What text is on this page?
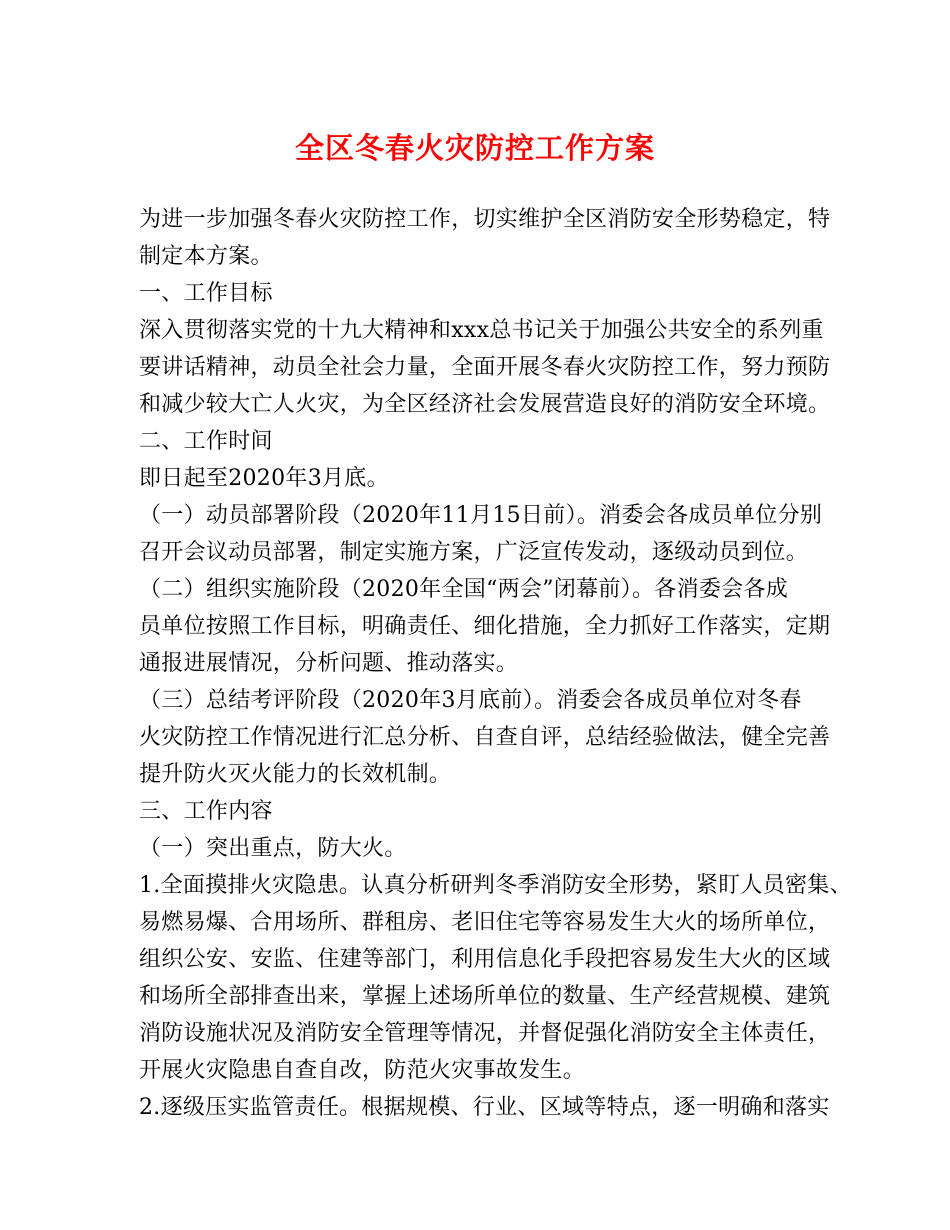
全区冬春火灾防控工作方案
为进一步加强冬春火灾防控工作，切实维护全区消防安全形势稳定，特
制定本方案。
一、工作目标
深入贯彻落实党的十九大精神和xxx总书记关于加强公共安全的系列重
要讲话精神，动员全社会力量，全面开展冬春火灾防控工作，努力预防
和减少较大亡人火灾，为全区经济社会发展营造良好的消防安全环境。
二、工作时间
即日起至2020年3月底。
（一）动员部署阶段（2020年11月15日前）。消委会各成员单位分别
召开会议动员部署，制定实施方案，广泛宣传发动，逐级动员到位。
（二）组织实施阶段（2020年全国“两会”闭幕前）。各消委会各成
员单位按照工作目标，明确责任、细化措施，全力抓好工作落实，定期
通报进展情况，分析问题、推动落实。
（三）总结考评阶段（2020年3月底前）。消委会各成员单位对冬春
火灾防控工作情况进行汇总分析、自查自评，总结经验做法，健全完善
提升防火灭火能力的长效机制。
三、工作内容
（一）突出重点，防大火。
1.全面摸排火灾隐患。认真分析研判冬季消防安全形势，紧盯人员密集、
易燃易爆、合用场所、群租房、老旧住宅等容易发生大火的场所单位，
组织公安、安监、住建等部门，利用信息化手段把容易发生大火的区域
和场所全部排查出来，掌握上述场所单位的数量、生产经营规模、建筑
消防设施状况及消防安全管理等情况，并督促强化消防安全主体责任，
开展火灾隐患自查自改，防范火灾事故发生。
2.逐级压实监管责任。根据规模、行业、区域等特点，逐一明确和落实
